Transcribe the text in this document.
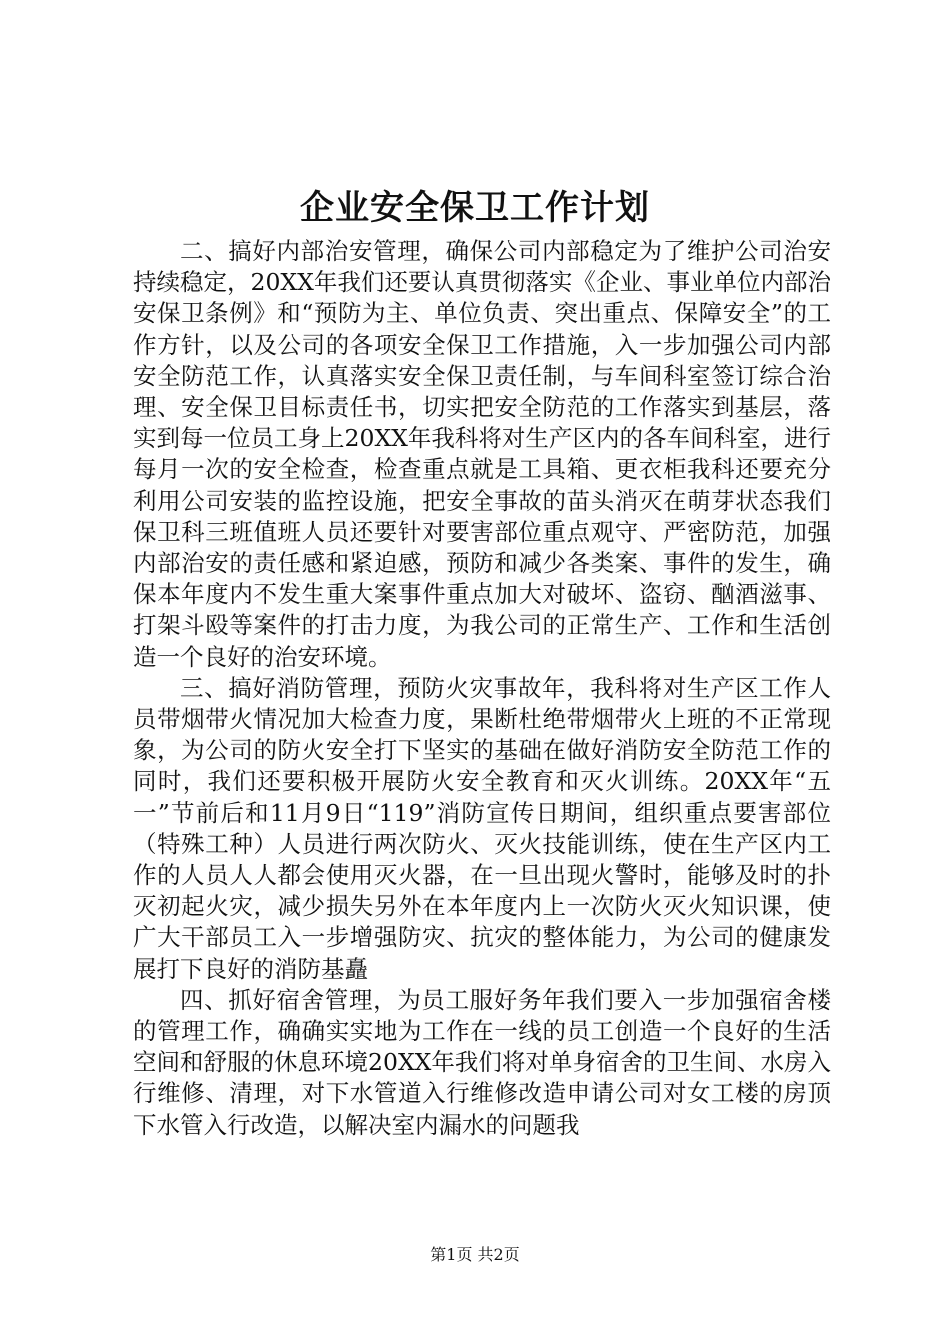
企业安全保卫工作计划

二、搞好内部治安管理，确保公司内部稳定为了维护公司治安持续稳定，20XX年我们还要认真贯彻落实《企业、事业单位内部治安保卫条例》和“预防为主、单位负责、突出重点、保障安全”的工作方针，以及公司的各项安全保卫工作措施，入一步加强公司内部安全防范工作，认真落实安全保卫责任制，与车间科室签订综合治理、安全保卫目标责任书，切实把安全防范的工作落实到基层，落实到每一位员工身上20XX年我科将对生产区内的各车间科室，进行每月一次的安全检查，检查重点就是工具箱、更衣柜我科还要充分利用公司安装的监控设施，把安全事故的苗头消灭在萌芽状态我们保卫科三班值班人员还要针对要害部位重点观守、严密防范，加强内部治安的责任感和紧迫感，预防和减少各类案、事件的发生，确保本年度内不发生重大案事件重点加大对破坏、盗窃、酗酒滋事、打架斗殴等案件的打击力度，为我公司的正常生产、工作和生活创造一个良好的治安环境。

三、搞好消防管理，预防火灾事故年，我科将对生产区工作人员带烟带火情况加大检查力度，果断杜绝带烟带火上班的不正常现象，为公司的防火安全打下坚实的基础在做好消防安全防范工作的同时，我们还要积极开展防火安全教育和灭火训练。20XX年“五一”节前后和11月9日“119”消防宣传日期间，组织重点要害部位（特殊工种）人员进行两次防火、灭火技能训练，使在生产区内工作的人员人人都会使用灭火器，在一旦出现火警时，能够及时的扑灭初起火灾，减少损失另外在本年度内上一次防火灭火知识课，使广大干部员工入一步增强防灾、抗灾的整体能力，为公司的健康发展打下良好的消防基矗

四、抓好宿舍管理，为员工服好务年我们要入一步加强宿舍楼的管理工作，确确实实地为工作在一线的员工创造一个良好的生活空间和舒服的休息环境20XX年我们将对单身宿舍的卫生间、水房入行维修、清理，对下水管道入行维修改造申请公司对女工楼的房顶下水管入行改造，以解决室内漏水的问题我

第1页 共2页
